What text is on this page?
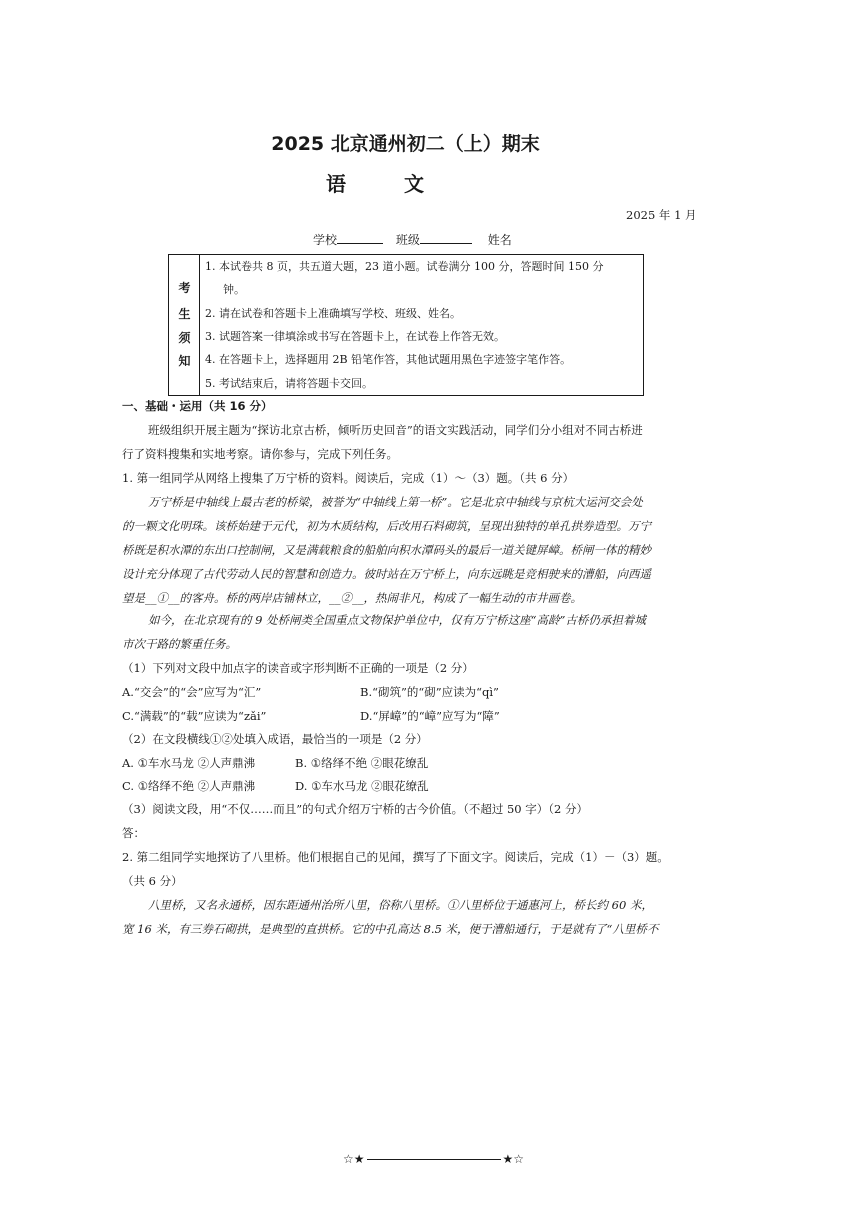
2025 北京通州初二（上）期末
语文
2025 年 1 月
学校	班级	姓名
考
生
须
知
1. 本试卷共 8 页，共五道大题，23 道小题。试卷满分 100 分，答题时间 150 分
钟。
2. 请在试卷和答题卡上准确填写学校、班级、姓名。
3. 试题答案一律填涂或书写在答题卡上，在试卷上作答无效。
4. 在答题卡上，选择题用 2B 铅笔作答，其他试题用黑色字迹签字笔作答。
5. 考试结束后，请将答题卡交回。
一、基础・运用（共 16 分）
班级组织开展主题为“探访北京古桥，倾听历史回音”的语文实践活动，同学们分小组对不同古桥进
行了资料搜集和实地考察。请你参与，完成下列任务。
1. 第一组同学从网络上搜集了万宁桥的资料。阅读后，完成（1）～（3）题。（共 6 分）
万宁桥是中轴线上最古老的桥梁，被誉为“中轴线上第一桥”。它是北京中轴线与京杭大运河交会处
的一颗文化明珠。该桥始建于元代，初为木质结构，后改用石料砌筑，呈现出独特的单孔拱券造型。万宁
桥既是积水潭的东出口控制闸，又是满载粮食的船舶向积水潭码头的最后一道关键屏嶂。桥闸一体的精妙
设计充分体现了古代劳动人民的智慧和创造力。彼时站在万宁桥上，向东远眺是竞相驶来的漕船，向西遥
望是__①__的客舟。桥的两岸店铺林立，__②__，热闹非凡，构成了一幅生动的市井画卷。
如今，在北京现有的 9 处桥闸类全国重点文物保护单位中，仅有万宁桥这座“高龄”古桥仍承担着城
市次干路的繁重任务。
（1）下列对文段中加点字的读音或字形判断不正确的一项是（2 分）
A.“交会”的“会”应写为“汇”	B.“砌筑”的“砌”应读为“qì”
C.“满载”的“载”应读为“zǎi”	D.“屏嶂”的“嶂”应写为“障”
（2）在文段横线①②处填入成语，最恰当的一项是（2 分）
A. ①车水马龙 ②人声鼎沸	B. ①络绎不绝 ②眼花缭乱
C. ①络绎不绝 ②人声鼎沸	D. ①车水马龙 ②眼花缭乱
（3）阅读文段，用“不仅……而且”的句式介绍万宁桥的古今价值。（不超过 50 字）（2 分）
答：
2. 第二组同学实地探访了八里桥。他们根据自己的见闻，撰写了下面文字。阅读后，完成（1）－（3）题。
（共 6 分）
八里桥，又名永通桥，因东距通州治所八里，俗称八里桥。①八里桥位于通惠河上，桥长约 60 米，
宽 16 米，有三券石砌拱，是典型的直拱桥。它的中孔高达 8.5 米，便于漕船通行，于是就有了“八里桥不
☆★	★☆
